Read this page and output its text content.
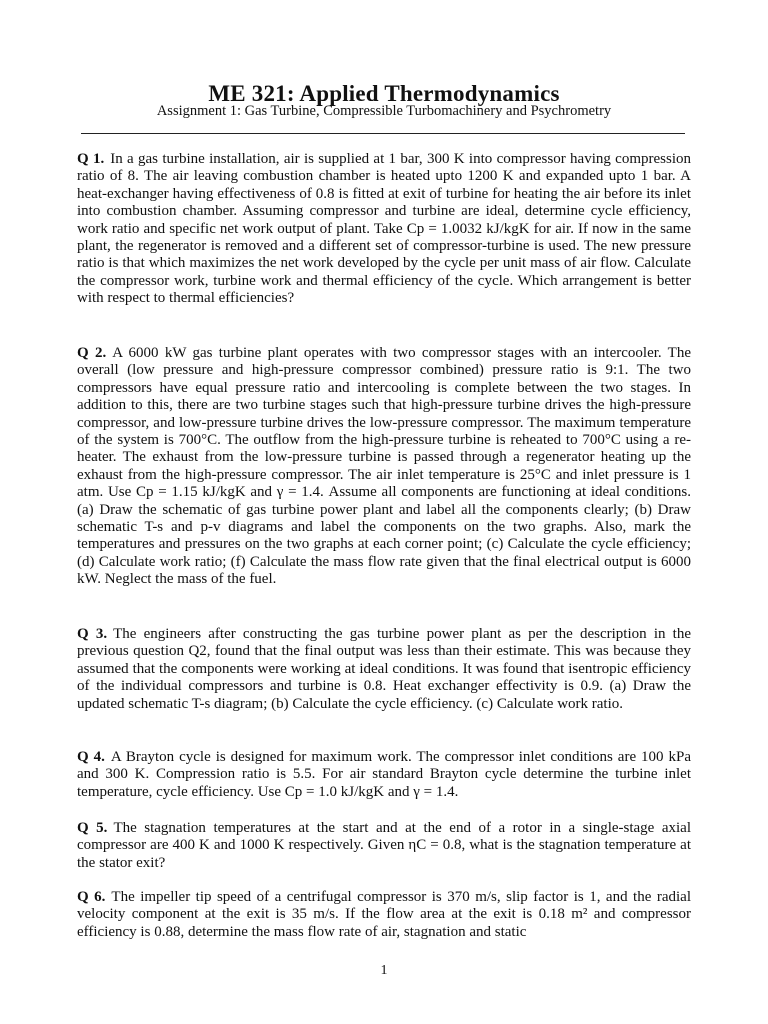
ME 321: Applied Thermodynamics
Assignment 1: Gas Turbine, Compressible Turbomachinery and Psychrometry
Q 1. In a gas turbine installation, air is supplied at 1 bar, 300 K into compressor having compression ratio of 8. The air leaving combustion chamber is heated upto 1200 K and expanded upto 1 bar. A heat-exchanger having effectiveness of 0.8 is fitted at exit of turbine for heating the air before its inlet into combustion chamber. Assuming compressor and turbine are ideal, determine cycle efficiency, work ratio and specific net work output of plant. Take Cp = 1.0032 kJ/kgK for air. If now in the same plant, the regenerator is removed and a different set of compressor-turbine is used. The new pressure ratio is that which maximizes the net work developed by the cycle per unit mass of air flow. Calculate the compressor work, turbine work and thermal efficiency of the cycle. Which arrangement is better with respect to thermal efficiencies?
Q 2. A 6000 kW gas turbine plant operates with two compressor stages with an intercooler. The overall (low pressure and high-pressure compressor combined) pressure ratio is 9:1. The two compressors have equal pressure ratio and intercooling is complete between the two stages. In addition to this, there are two turbine stages such that high-pressure turbine drives the high-pressure compressor, and low-pressure turbine drives the low-pressure compressor. The maximum temperature of the system is 700°C. The outflow from the high-pressure turbine is reheated to 700°C using a re-heater. The exhaust from the low-pressure turbine is passed through a regenerator heating up the exhaust from the high-pressure compressor. The air inlet temperature is 25°C and inlet pressure is 1 atm. Use Cp = 1.15 kJ/kgK and γ = 1.4. Assume all components are functioning at ideal conditions. (a) Draw the schematic of gas turbine power plant and label all the components clearly; (b) Draw schematic T-s and p-v diagrams and label the components on the two graphs. Also, mark the temperatures and pressures on the two graphs at each corner point; (c) Calculate the cycle efficiency; (d) Calculate work ratio; (f) Calculate the mass flow rate given that the final electrical output is 6000 kW. Neglect the mass of the fuel.
Q 3. The engineers after constructing the gas turbine power plant as per the description in the previous question Q2, found that the final output was less than their estimate. This was because they assumed that the components were working at ideal conditions. It was found that isentropic efficiency of the individual compressors and turbine is 0.8. Heat exchanger effectivity is 0.9. (a) Draw the updated schematic T-s diagram; (b) Calculate the cycle efficiency. (c) Calculate work ratio.
Q 4. A Brayton cycle is designed for maximum work. The compressor inlet conditions are 100 kPa and 300 K. Compression ratio is 5.5. For air standard Brayton cycle determine the turbine inlet temperature, cycle efficiency. Use Cp = 1.0 kJ/kgK and γ = 1.4.
Q 5. The stagnation temperatures at the start and at the end of a rotor in a single-stage axial compressor are 400 K and 1000 K respectively. Given ηC = 0.8, what is the stagnation temperature at the stator exit?
Q 6. The impeller tip speed of a centrifugal compressor is 370 m/s, slip factor is 1, and the radial velocity component at the exit is 35 m/s. If the flow area at the exit is 0.18 m² and compressor efficiency is 0.88, determine the mass flow rate of air, stagnation and static
1
